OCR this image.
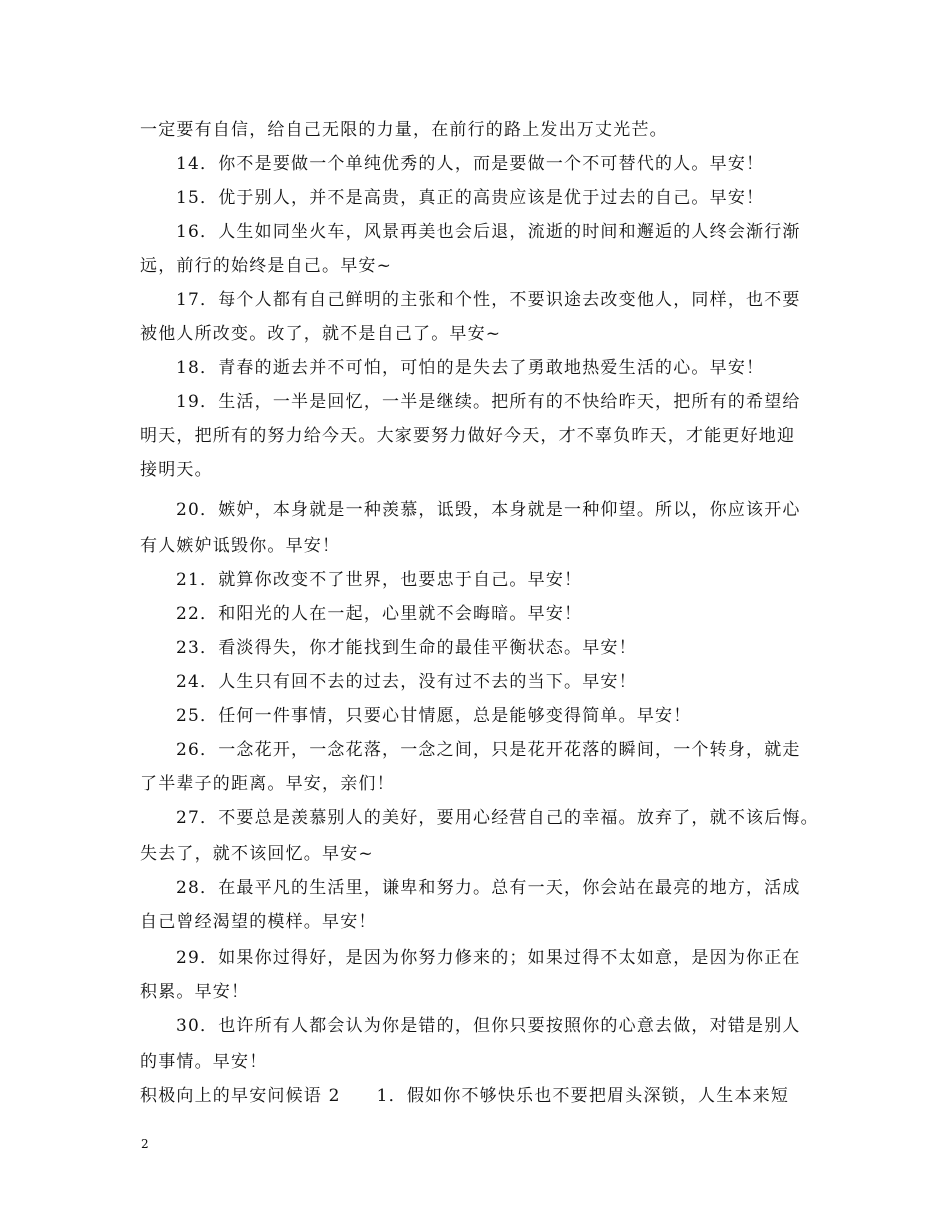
一定要有自信，给自己无限的力量，在前行的路上发出万丈光芒。
14．你不是要做一个单纯优秀的人，而是要做一个不可替代的人。早安！
15．优于别人，并不是高贵，真正的高贵应该是优于过去的自己。早安！
16．人生如同坐火车，风景再美也会后退，流逝的时间和邂逅的人终会渐行渐
远，前行的始终是自己。早安~
17．每个人都有自己鲜明的主张和个性，不要识途去改变他人，同样，也不要
被他人所改变。改了，就不是自己了。早安~
18．青春的逝去并不可怕，可怕的是失去了勇敢地热爱生活的心。早安！
19．生活，一半是回忆，一半是继续。把所有的不快给昨天，把所有的希望给
明天，把所有的努力给今天。大家要努力做好今天，才不辜负昨天，才能更好地迎
接明天。
20．嫉妒，本身就是一种羡慕，诋毁，本身就是一种仰望。所以，你应该开心
有人嫉妒诋毁你。早安！
21．就算你改变不了世界，也要忠于自己。早安！
22．和阳光的人在一起，心里就不会晦暗。早安！
23．看淡得失，你才能找到生命的最佳平衡状态。早安！
24．人生只有回不去的过去，没有过不去的当下。早安！
25．任何一件事情，只要心甘情愿，总是能够变得简单。早安！
26．一念花开，一念花落，一念之间，只是花开花落的瞬间，一个转身，就走
了半辈子的距离。早安，亲们！
27．不要总是羡慕别人的美好，要用心经营自己的幸福。放弃了，就不该后悔。
失去了，就不该回忆。早安~
28．在最平凡的生活里，谦卑和努力。总有一天，你会站在最亮的地方，活成
自己曾经渴望的模样。早安！
29．如果你过得好，是因为你努力修来的；如果过得不太如意，是因为你正在
积累。早安！
30．也许所有人都会认为你是错的，但你只要按照你的心意去做，对错是别人
的事情。早安！
积极向上的早安问候语 2 1．假如你不够快乐也不要把眉头深锁，人生本来短
2
